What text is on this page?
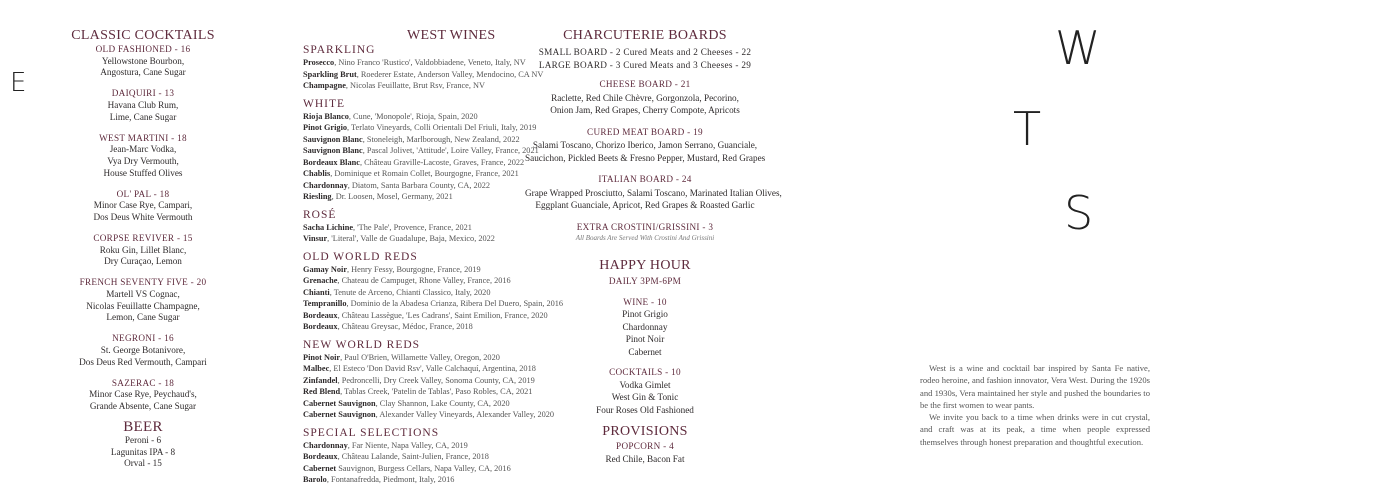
E
W
T
S
CLASSIC COCKTAILS
OLD FASHIONED - 16
Yellowstone Bourbon,
Angostura, Cane Sugar
DAIQUIRI - 13
Havana Club Rum,
Lime, Cane Sugar
WEST MARTINI - 18
Jean-Marc Vodka,
Vya Dry Vermouth,
House Stuffed Olives
OL' PAL - 18
Minor Case Rye, Campari,
Dos Deus White Vermouth
CORPSE REVIVER - 15
Roku Gin, Lillet Blanc,
Dry Curaçao, Lemon
FRENCH SEVENTY FIVE - 20
Martell VS Cognac,
Nicolas Feuillatte Champagne,
Lemon, Cane Sugar
NEGRONI - 16
St. George Botanivore,
Dos Deus Red Vermouth, Campari
SAZERAC - 18
Minor Case Rye, Peychaud's,
Grande Absente, Cane Sugar
BEER
Peroni - 6
Lagunitas IPA - 8
Orval - 15
WEST WINES
SPARKLING
Prosecco, Nino Franco 'Rustico', Valdobbiadene, Veneto, Italy, NV
Sparkling Brut, Roederer Estate, Anderson Valley, Mendocino, CA NV
Champagne, Nicolas Feuillatte, Brut Rsv, France, NV
WHITE
Rioja Blanco, Cune, 'Monopole', Rioja, Spain, 2020
Pinot Grigio, Terlato Vineyards, Colli Orientali Del Friuli, Italy, 2019
Sauvignon Blanc, Stoneleigh, Marlborough, New Zealand, 2022
Sauvignon Blanc, Pascal Jolivet, 'Attitude', Loire Valley, France, 2021
Bordeaux Blanc, Château Graville-Lacoste, Graves, France, 2022
Chablis, Dominique et Romain Collet, Bourgogne, France, 2021
Chardonnay, Diatom, Santa Barbara County, CA, 2022
Riesling, Dr. Loosen, Mosel, Germany, 2021
ROSÉ
Sacha Lichine, 'The Pale', Provence, France, 2021
Vinsur, 'Literal', Valle de Guadalupe, Baja, Mexico, 2022
OLD WORLD REDS
Gamay Noir, Henry Fessy, Bourgogne, France, 2019
Grenache, Chateau de Campuget, Rhone Valley, France, 2016
Chianti, Tenute de Arceno, Chianti Classico, Italy, 2020
Tempranillo, Dominio de la Abadesa Crianza, Ribera Del Duero, Spain, 2016
Bordeaux, Château Lassègue, 'Les Cadrans', Saint Emilion, France, 2020
Bordeaux, Château Greysac, Médoc, France, 2018
NEW WORLD REDS
Pinot Noir, Paul O'Brien, Willamette Valley, Oregon, 2020
Malbec, El Esteco 'Don David Rsv', Valle Calchaquí, Argentina, 2018
Zinfandel, Pedroncelli, Dry Creek Valley, Sonoma County, CA, 2019
Red Blend, Tablas Creek, 'Patelin de Tablas', Paso Robles, CA, 2021
Cabernet Sauvignon, Clay Shannon, Lake County, CA, 2020
Cabernet Sauvignon, Alexander Valley Vineyards, Alexander Valley, 2020
SPECIAL SELECTIONS
Chardonnay, Far Niente, Napa Valley, CA, 2019
Bordeaux, Château Lalande, Saint-Julien, France, 2018
Cabernet Sauvignon, Burgess Cellars, Napa Valley, CA, 2016
Barolo, Fontanafredda, Piedmont, Italy, 2016
CHARCUTERIE BOARDS
SMALL BOARD - 2 Cured Meats and 2 Cheeses - 22
LARGE BOARD - 3 Cured Meats and 3 Cheeses - 29
CHEESE BOARD - 21
Raclette, Red Chile Chèvre, Gorgonzola, Pecorino,
Onion Jam, Red Grapes, Cherry Compote, Apricots
CURED MEAT BOARD - 19
Salami Toscano, Chorizo Iberico, Jamon Serrano, Guanciale,
Saucichon, Pickled Beets & Fresno Pepper, Mustard, Red Grapes
ITALIAN BOARD - 24
Grape Wrapped Prosciutto, Salami Toscano, Marinated Italian Olives,
Eggplant Guanciale, Apricot, Red Grapes & Roasted Garlic
EXTRA CROSTINI/GRISSINI - 3
All Boards Are Served With Crostini And Grissini
HAPPY HOUR
DAILY 3PM-6PM
WINE - 10
Pinot Grigio
Chardonnay
Pinot Noir
Cabernet
COCKTAILS - 10
Vodka Gimlet
West Gin & Tonic
Four Roses Old Fashioned
PROVISIONS
POPCORN - 4
Red Chile, Bacon Fat

West is a wine and cocktail bar inspired by Santa Fe native, rodeo heroine, and fashion innovator, Vera West. During the 1920s and 1930s, Vera maintained her style and pushed the boundaries to be the first women to wear pants.

We invite you back to a time when drinks were in cut crystal, and craft was at its peak, a time when people expressed themselves through honest preparation and thoughtful execution.
